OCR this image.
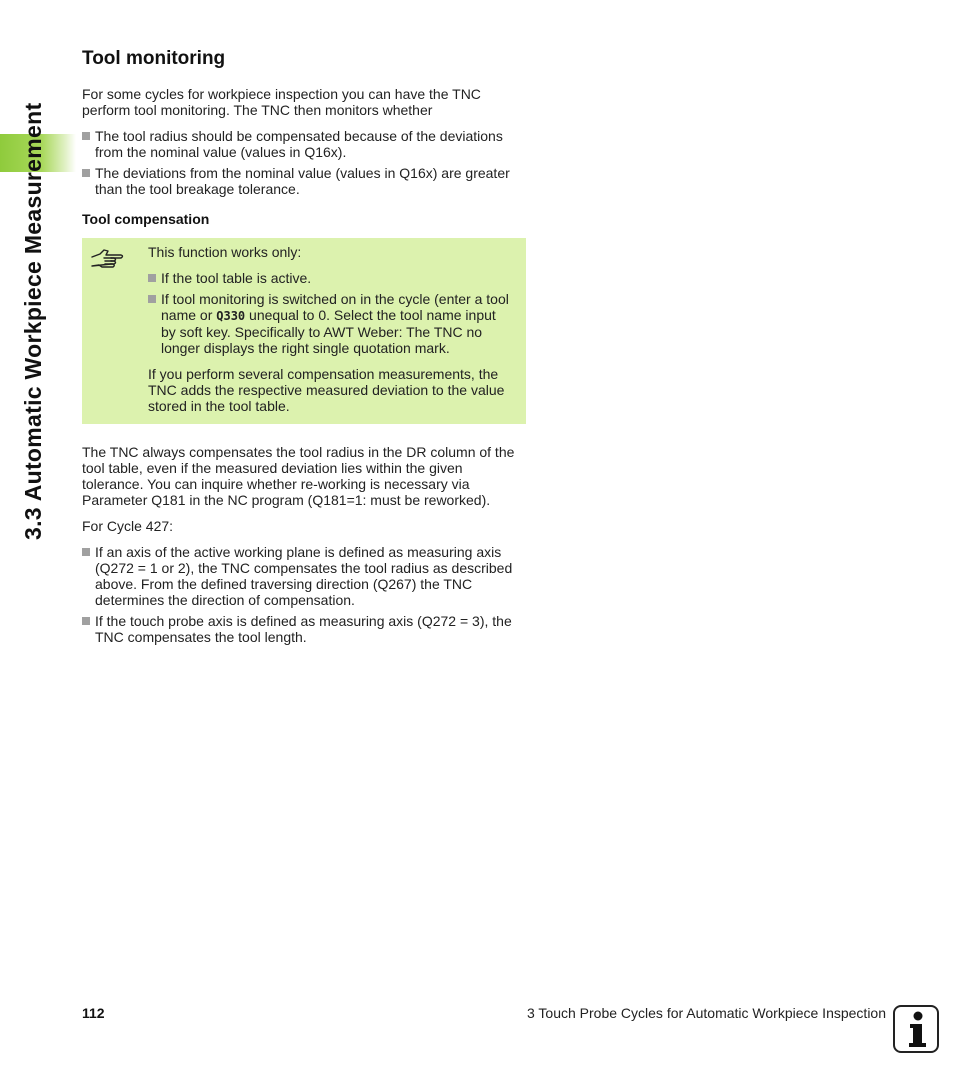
3.3 Automatic Workpiece Measurement
Tool monitoring

For some cycles for workpiece inspection you can have the TNC perform tool monitoring. The TNC then monitors whether

The tool radius should be compensated because of the deviations from the nominal value (values in Q16x).
The deviations from the nominal value (values in Q16x) are greater than the tool breakage tolerance.
Tool compensation

This function works only:

If the tool table is active.
If tool monitoring is switched on in the cycle (enter a tool name or Q330 unequal to 0. Select the tool name input by soft key. Specifically to AWT Weber: The TNC no longer displays the right single quotation mark.

If you perform several compensation measurements, the TNC adds the respective measured deviation to the value stored in the tool table.

The TNC always compensates the tool radius in the DR column of the tool table, even if the measured deviation lies within the given tolerance. You can inquire whether re-working is necessary via Parameter Q181 in the NC program (Q181=1: must be reworked).

For Cycle 427:

If an axis of the active working plane is defined as measuring axis (Q272 = 1 or 2), the TNC compensates the tool radius as described above. From the defined traversing direction (Q267) the TNC determines the direction of compensation.
If the touch probe axis is defined as measuring axis (Q272 = 3), the TNC compensates the tool length.
112	3 Touch Probe Cycles for Automatic Workpiece Inspection
